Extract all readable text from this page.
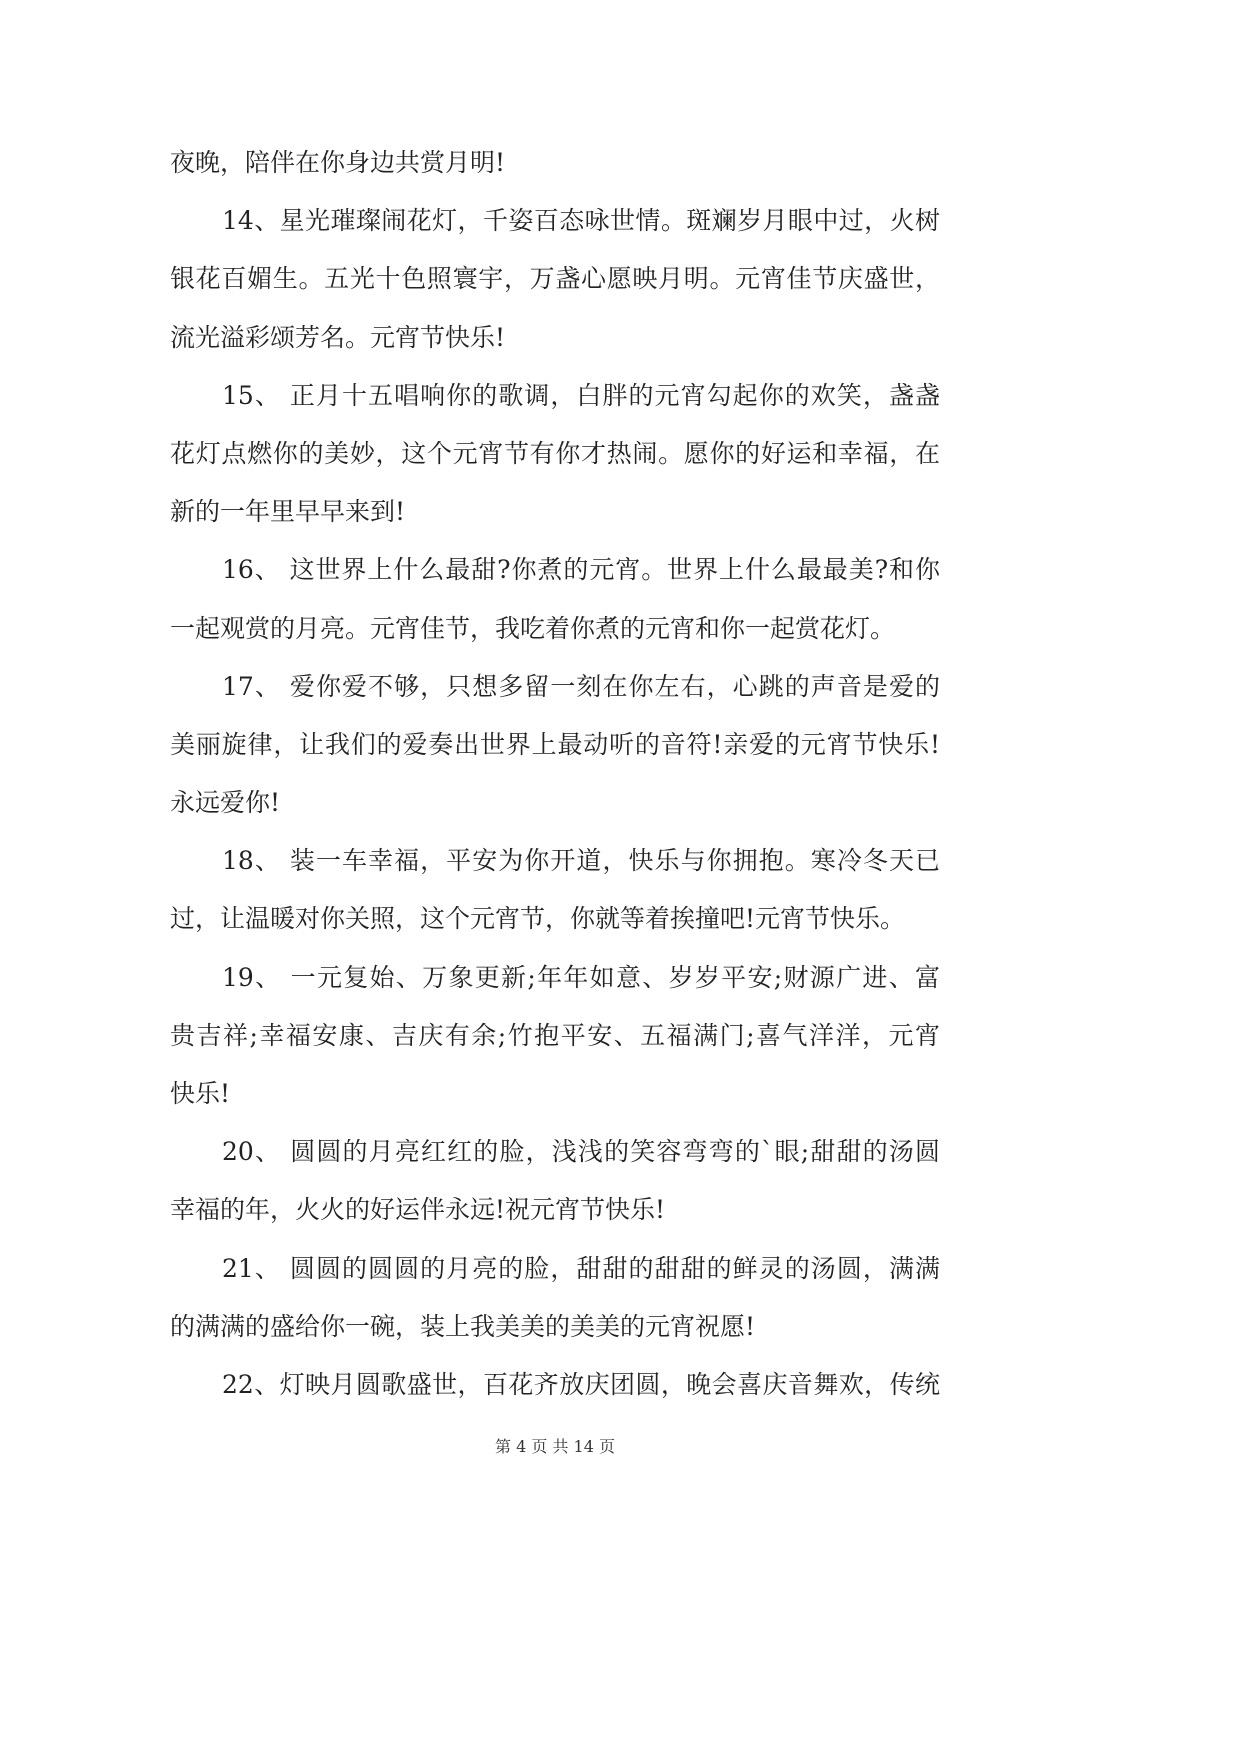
夜晚，陪伴在你身边共赏月明!
14、星光璀璨闹花灯，千姿百态咏世情。斑斓岁月眼中过，火树
银花百媚生。五光十色照寰宇，万盏心愿映月明。元宵佳节庆盛世，
流光溢彩颂芳名。元宵节快乐!
15、 正月十五唱响你的歌调，白胖的元宵勾起你的欢笑，盏盏
花灯点燃你的美妙，这个元宵节有你才热闹。愿你的好运和幸福，在
新的一年里早早来到!
16、 这世界上什么最甜?你煮的元宵。世界上什么最最美?和你
一起观赏的月亮。元宵佳节，我吃着你煮的元宵和你一起赏花灯。
17、 爱你爱不够，只想多留一刻在你左右，心跳的声音是爱的
美丽旋律，让我们的爱奏出世界上最动听的音符!亲爱的元宵节快乐!
永远爱你!
18、 装一车幸福，平安为你开道，快乐与你拥抱。寒冷冬天已
过，让温暖对你关照，这个元宵节，你就等着挨撞吧!元宵节快乐。
19、 一元复始、万象更新;年年如意、岁岁平安;财源广进、富
贵吉祥;幸福安康、吉庆有余;竹抱平安、五福满门;喜气洋洋，元宵
快乐!
20、 圆圆的月亮红红的脸，浅浅的笑容弯弯的`眼;甜甜的汤圆
幸福的年，火火的好运伴永远!祝元宵节快乐!
21、 圆圆的圆圆的月亮的脸，甜甜的甜甜的鲜灵的汤圆，满满
的满满的盛给你一碗，装上我美美的美美的元宵祝愿!
22、灯映月圆歌盛世，百花齐放庆团圆，晚会喜庆音舞欢，传统
第 4 页 共 14 页
